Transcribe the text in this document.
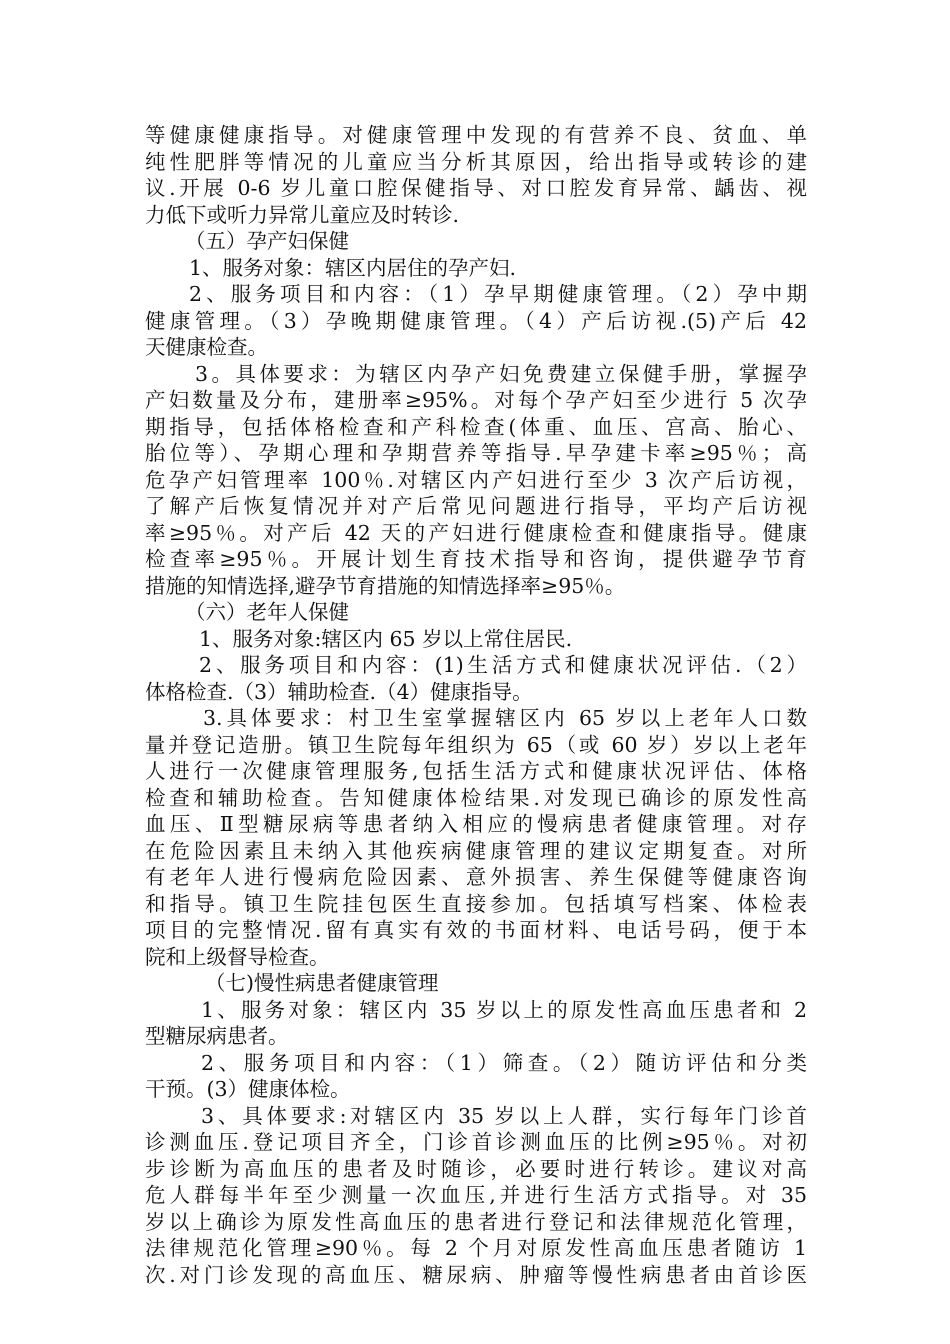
等健康健康指导。对健康管理中发现的有营养不良、贫血、单
纯性肥胖等情况的儿童应当分析其原因，给出指导或转诊的建
议.开展 0-6 岁儿童口腔保健指导、对口腔发育异常、龋齿、视
力低下或听力异常儿童应及时转诊.
（五）孕产妇保健
1、服务对象：辖区内居住的孕产妇.
2、服务项目和内容：（1）孕早期健康管理。（2）孕中期
健康管理。（3）孕晚期健康管理。（4）产后访视.(5)产后 42
天健康检查。
3。具体要求：为辖区内孕产妇免费建立保健手册，掌握孕
产妇数量及分布，建册率≥95%。对每个孕产妇至少进行 5 次孕
期指导，包括体格检查和产科检查(体重、血压、宫高、胎心、
胎位等）、孕期心理和孕期营养等指导.早孕建卡率≥95％；高
危孕产妇管理率 100％.对辖区内产妇进行至少 3 次产后访视，
了解产后恢复情况并对产后常见问题进行指导，平均产后访视
率≥95％。对产后 42 天的产妇进行健康检查和健康指导。健康
检查率≥95％。开展计划生育技术指导和咨询，提供避孕节育
措施的知情选择,避孕节育措施的知情选择率≥95％。
（六）老年人保健
1、服务对象:辖区内 65 岁以上常住居民.
2、服务项目和内容：(1)生活方式和健康状况评估.（2）
体格检查.（3）辅助检查.（4）健康指导。
3.具体要求：村卫生室掌握辖区内 65 岁以上老年人口数
量并登记造册。镇卫生院每年组织为 65（或 60 岁）岁以上老年
人进行一次健康管理服务,包括生活方式和健康状况评估、体格
检查和辅助检查。告知健康体检结果.对发现已确诊的原发性高
血压、Ⅱ型糖尿病等患者纳入相应的慢病患者健康管理。对存
在危险因素且未纳入其他疾病健康管理的建议定期复查。对所
有老年人进行慢病危险因素、意外损害、养生保健等健康咨询
和指导。镇卫生院挂包医生直接参加。包括填写档案、体检表
项目的完整情况.留有真实有效的书面材料、电话号码，便于本
院和上级督导检查。
（七)慢性病患者健康管理
1、服务对象：辖区内 35 岁以上的原发性高血压患者和 2
型糖尿病患者。
2、服务项目和内容：（1）筛查。（2）随访评估和分类
干预。(3）健康体检。
3、具体要求:对辖区内 35 岁以上人群，实行每年门诊首
诊测血压.登记项目齐全，门诊首诊测血压的比例≥95％。对初
步诊断为高血压的患者及时随诊，必要时进行转诊。建议对高
危人群每半年至少测量一次血压,并进行生活方式指导。对 35
岁以上确诊为原发性高血压的患者进行登记和法律规范化管理，
法律规范化管理≥90％。每 2 个月对原发性高血压患者随访 1
次.对门诊发现的高血压、糖尿病、肿瘤等慢性病患者由首诊医
